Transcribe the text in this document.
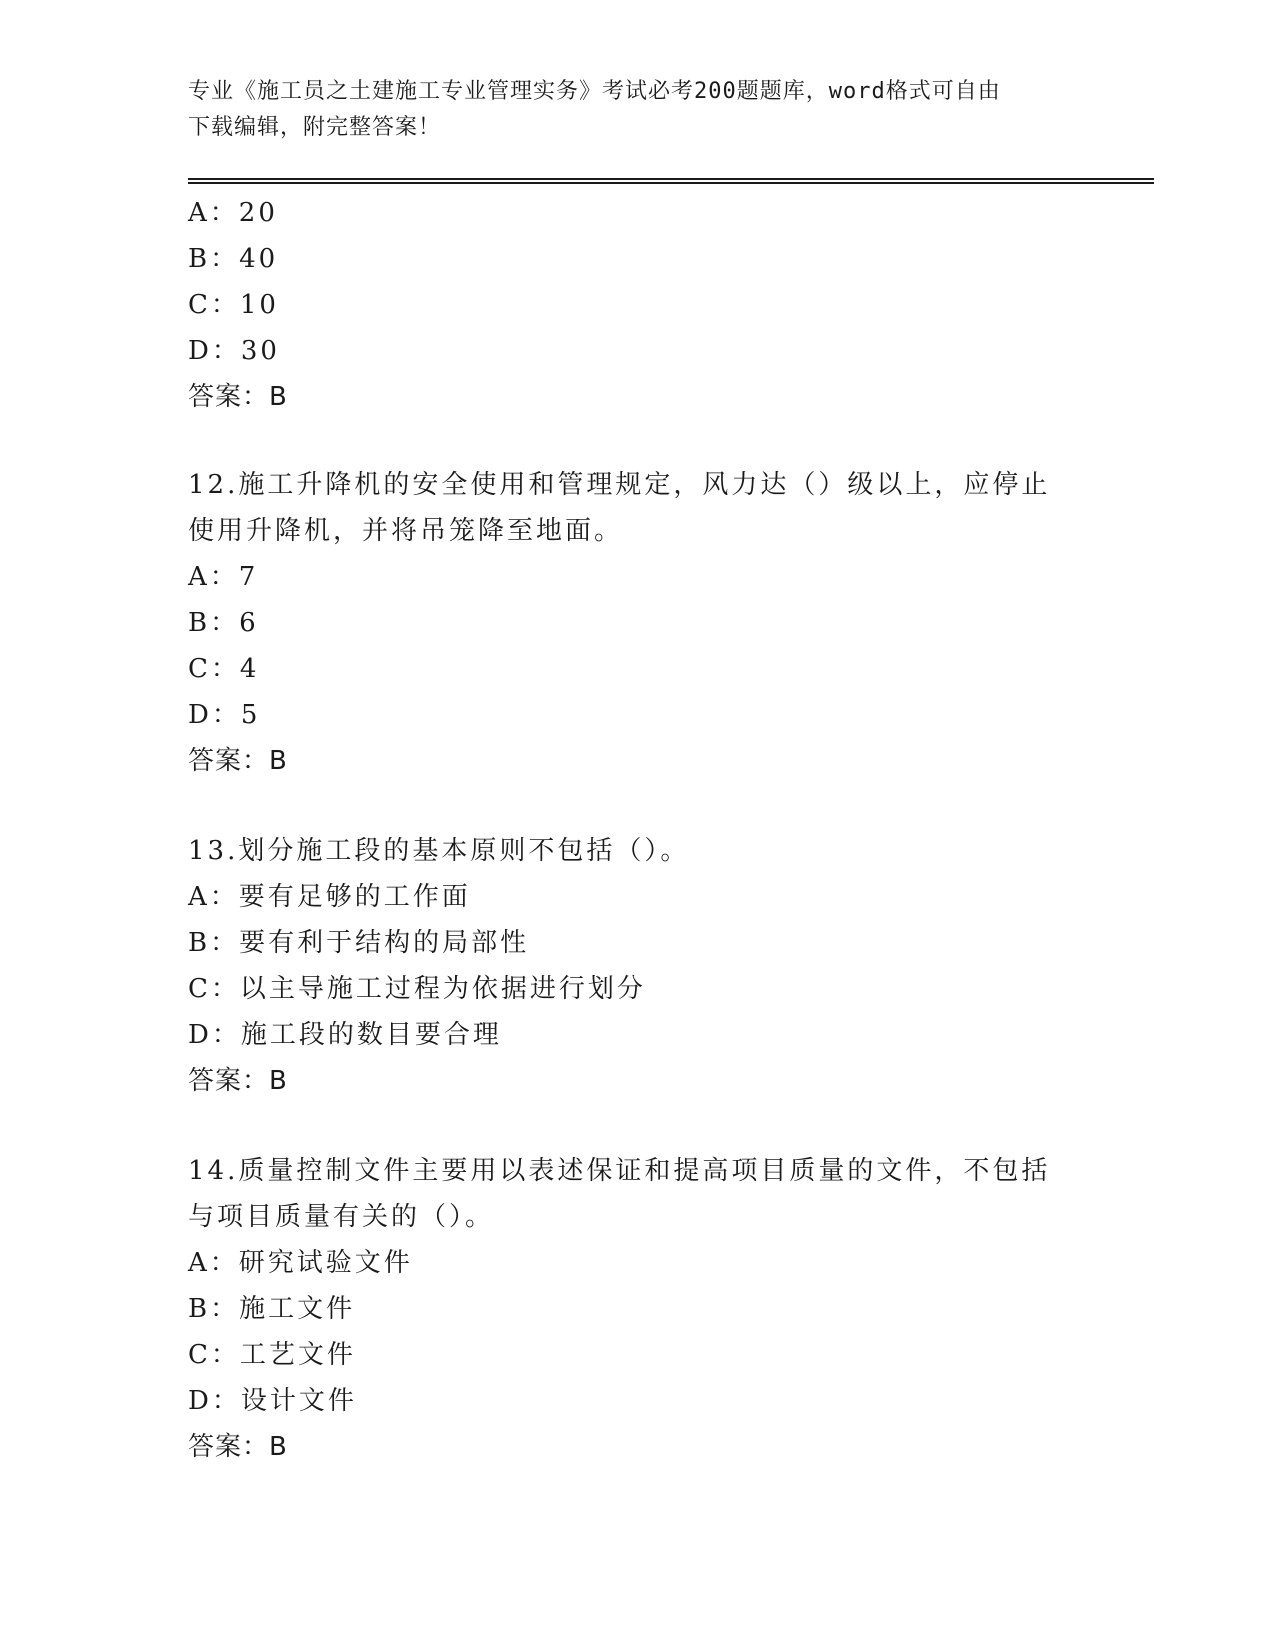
专业《施工员之土建施工专业管理实务》考试必考200题题库，word格式可自由
下载编辑，附完整答案！
A：20
B：40
C：10
D：30
答案：B
12.施工升降机的安全使用和管理规定，风力达（）级以上，应停止使用升降机，并将吊笼降至地面。
A：7
B：6
C：4
D：5
答案：B
13.划分施工段的基本原则不包括（）。
A：要有足够的工作面
B：要有利于结构的局部性
C：以主导施工过程为依据进行划分
D：施工段的数目要合理
答案：B
14.质量控制文件主要用以表述保证和提高项目质量的文件，不包括与项目质量有关的（）。
A：研究试验文件
B：施工文件
C：工艺文件
D：设计文件
答案：B
